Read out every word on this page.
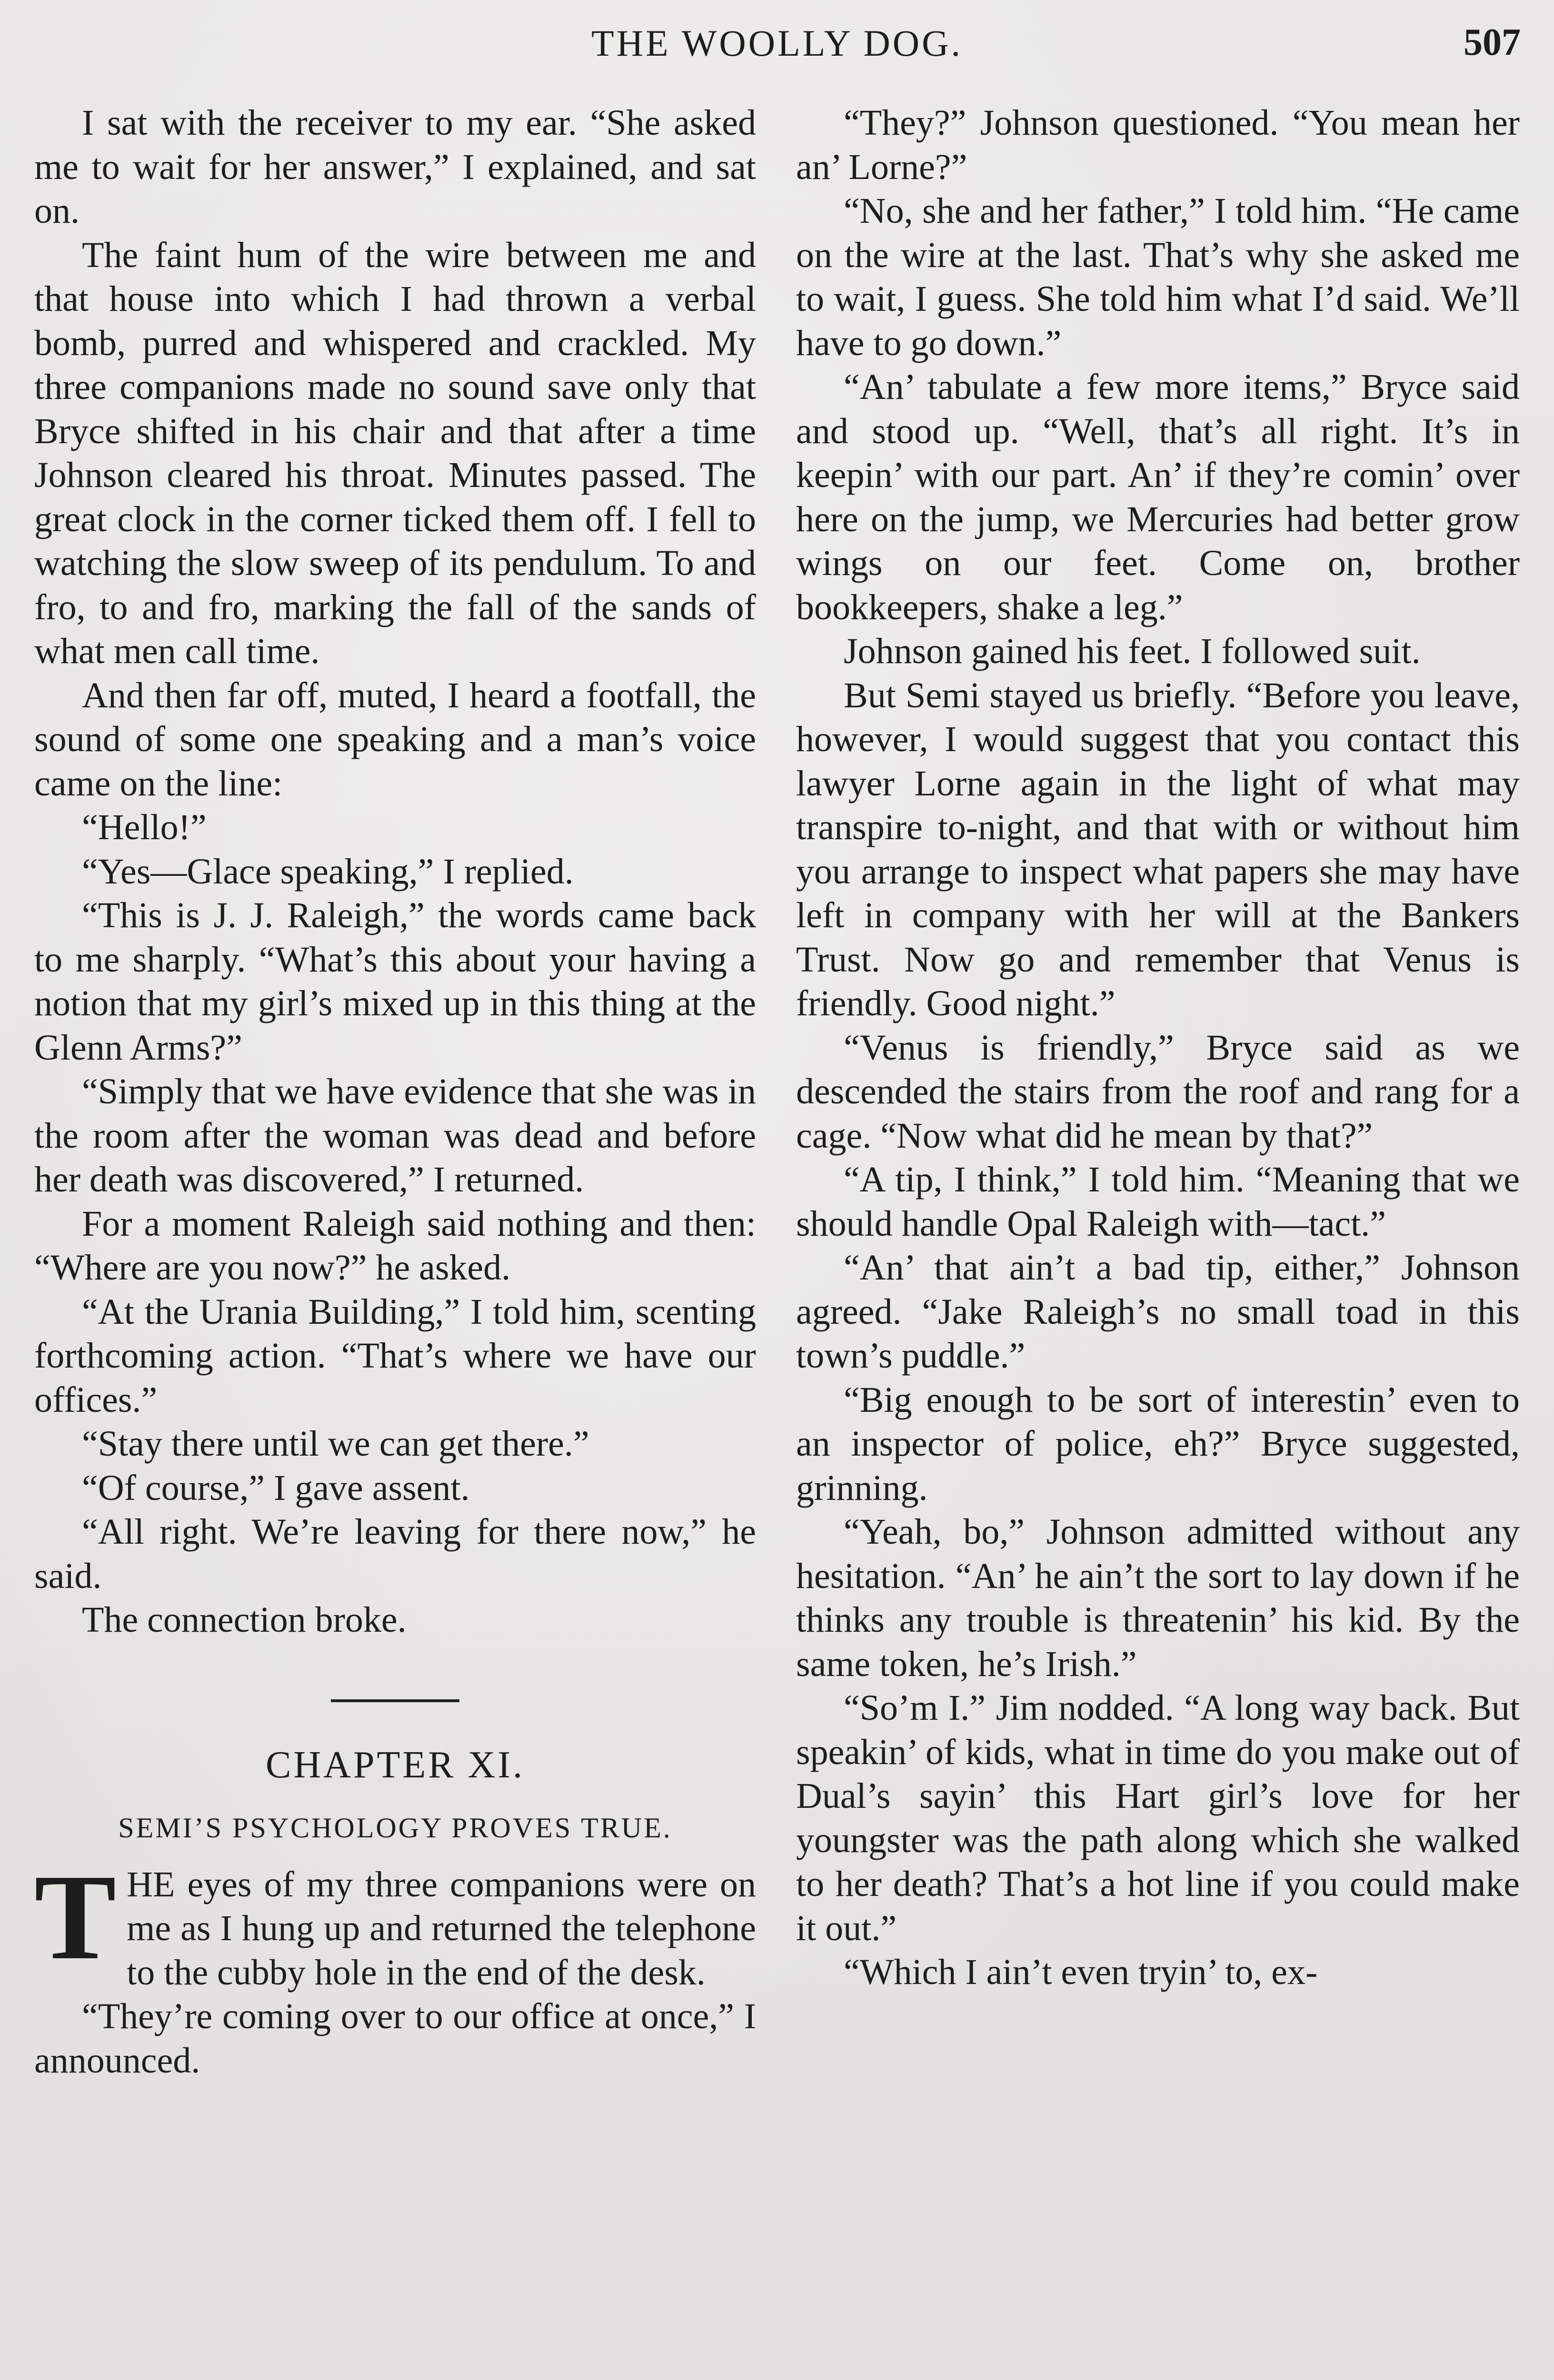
THE WOOLLY DOG.	507

I sat with the receiver to my ear. “She asked me to wait for her answer,” I explained, and sat on.

The faint hum of the wire between me and that house into which I had thrown a verbal bomb, purred and whispered and crackled. My three companions made no sound save only that Bryce shifted in his chair and that after a time Johnson cleared his throat. Minutes passed. The great clock in the corner ticked them off. I fell to watching the slow sweep of its pendulum. To and fro, to and fro, marking the fall of the sands of what men call time.

And then far off, muted, I heard a footfall, the sound of some one speaking and a man’s voice came on the line:

“Hello!”

“Yes—Glace speaking,” I replied.

“This is J. J. Raleigh,” the words came back to me sharply. “What’s this about your having a notion that my girl’s mixed up in this thing at the Glenn Arms?”

“Simply that we have evidence that she was in the room after the woman was dead and before her death was discovered,” I returned.

For a moment Raleigh said nothing and then: “Where are you now?” he asked.

“At the Urania Building,” I told him, scenting forthcoming action. “That’s where we have our offices.”

“Stay there until we can get there.”

“Of course,” I gave assent.

“All right. We’re leaving for there now,” he said.

The connection broke.

CHAPTER XI.
SEMI’S PSYCHOLOGY PROVES TRUE.

THE eyes of my three companions were on me as I hung up and returned the telephone to the cubby hole in the end of the desk.

“They’re coming over to our office at once,” I announced.

“They?” Johnson questioned. “You mean her an’ Lorne?”

“No, she and her father,” I told him. “He came on the wire at the last. That’s why she asked me to wait, I guess. She told him what I’d said. We’ll have to go down.”

“An’ tabulate a few more items,” Bryce said and stood up. “Well, that’s all right. It’s in keepin’ with our part. An’ if they’re comin’ over here on the jump, we Mercuries had better grow wings on our feet. Come on, brother bookkeepers, shake a leg.”

Johnson gained his feet. I followed suit.

But Semi stayed us briefly. “Before you leave, however, I would suggest that you contact this lawyer Lorne again in the light of what may transpire to-night, and that with or without him you arrange to inspect what papers she may have left in company with her will at the Bankers Trust. Now go and remember that Venus is friendly. Good night.”

“Venus is friendly,” Bryce said as we descended the stairs from the roof and rang for a cage. “Now what did he mean by that?”

“A tip, I think,” I told him. “Meaning that we should handle Opal Raleigh with—tact.”

“An’ that ain’t a bad tip, either,” Johnson agreed. “Jake Raleigh’s no small toad in this town’s puddle.”

“Big enough to be sort of interestin’ even to an inspector of police, eh?” Bryce suggested, grinning.

“Yeah, bo,” Johnson admitted without any hesitation. “An’ he ain’t the sort to lay down if he thinks any trouble is threatenin’ his kid. By the same token, he’s Irish.”

“So’m I.” Jim nodded. “A long way back. But speakin’ of kids, what in time do you make out of Dual’s sayin’ this Hart girl’s love for her youngster was the path along which she walked to her death? That’s a hot line if you could make it out.”

“Which I ain’t even tryin’ to, ex-
